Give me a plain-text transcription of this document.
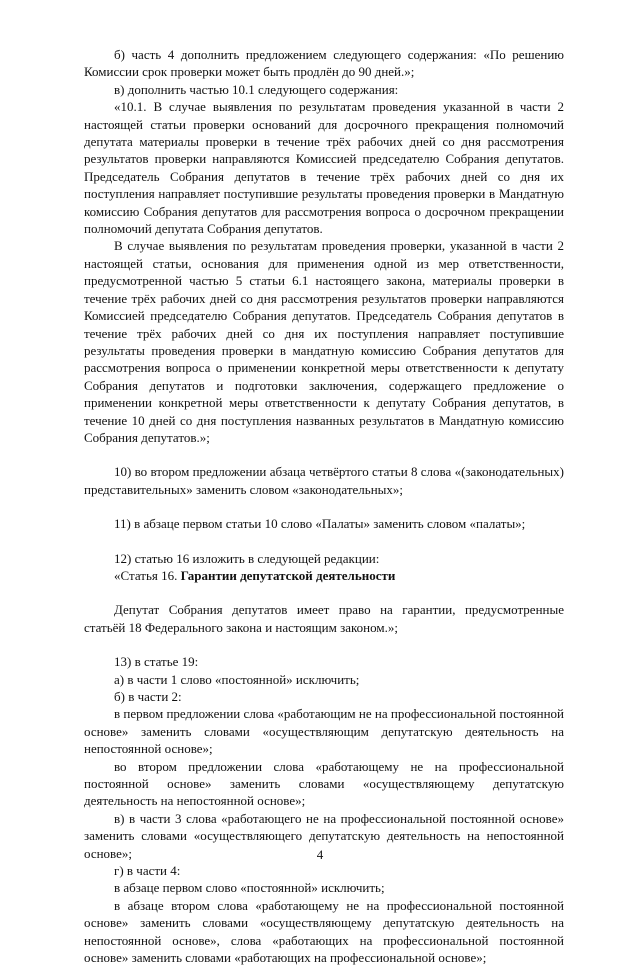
б) часть 4 дополнить предложением следующего содержания: «По решению Комиссии срок проверки может быть продлён до 90 дней.»;

в) дополнить частью 10.1 следующего содержания:

«10.1. В случае выявления по результатам проведения указанной в части 2 настоящей статьи проверки оснований для досрочного прекращения полномочий депутата материалы проверки в течение трёх рабочих дней со дня рассмотрения результатов проверки направляются Комиссией председателю Собрания депутатов. Председатель Собрания депутатов в течение трёх рабочих дней со дня их поступления направляет поступившие результаты проведения проверки в Мандатную комиссию Собрания депутатов для рассмотрения вопроса о досрочном прекращении полномочий депутата Собрания депутатов.

В случае выявления по результатам проведения проверки, указанной в части 2 настоящей статьи, основания для применения одной из мер ответственности, предусмотренной частью 5 статьи 6.1 настоящего закона, материалы проверки в течение трёх рабочих дней со дня рассмотрения результатов проверки направляются Комиссией председателю Собрания депутатов. Председатель Собрания депутатов в течение трёх рабочих дней со дня их поступления направляет поступившие результаты проведения проверки в мандатную комиссию Собрания депутатов для рассмотрения вопроса о применении конкретной меры ответственности к депутату Собрания депутатов и подготовки заключения, содержащего предложение о применении конкретной меры ответственности к депутату Собрания депутатов, в течение 10 дней со дня поступления названных результатов в Мандатную комиссию Собрания депутатов.»;

10) во втором предложении абзаца четвёртого статьи 8 слова «(законодательных) представительных» заменить словом «законодательных»;

11) в абзаце первом статьи 10 слово «Палаты» заменить словом «палаты»;

12) статью 16 изложить в следующей редакции:

«Статья 16. Гарантии депутатской деятельности

Депутат Собрания депутатов имеет право на гарантии, предусмотренные статьёй 18 Федерального закона и настоящим законом.»;

13) в статье 19:

а) в части 1 слово «постоянной» исключить;

б) в части 2:

в первом предложении слова «работающим не на профессиональной постоянной основе» заменить словами «осуществляющим депутатскую деятельность на непостоянной основе»;

во втором предложении слова «работающему не на профессиональной постоянной основе» заменить словами «осуществляющему депутатскую деятельность на непостоянной основе»;

в) в части 3 слова «работающего не на профессиональной постоянной основе» заменить словами «осуществляющего депутатскую деятельность на непостоянной основе»;

г) в части 4:

в абзаце первом слово «постоянной» исключить;

в абзаце втором слова «работающему не на профессиональной постоянной основе» заменить словами «осуществляющему депутатскую деятельность на непостоянной основе», слова «работающих на профессиональной постоянной основе» заменить словами «работающих на профессиональной основе»;

4
